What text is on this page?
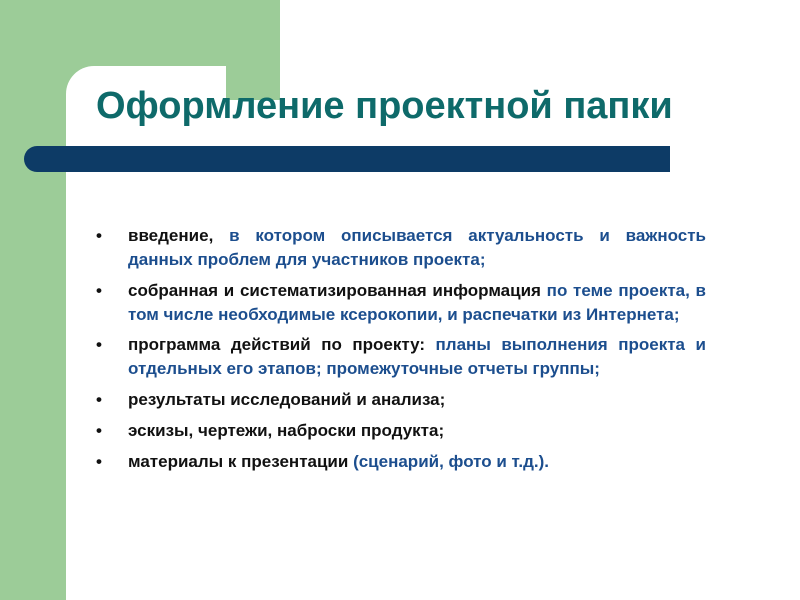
Оформление проектной папки
• введение, в котором описывается актуальность и важность данных проблем для участников проекта;
• собранная и систематизированная информация по теме проекта, в том числе необходимые ксерокопии, и распечатки из Интернета;
• программа действий по проекту: планы выполнения проекта и отдельных его этапов; промежуточные отчеты группы;
• результаты исследований и анализа;
• эскизы, чертежи, наброски продукта;
• материалы к презентации (сценарий, фото и т.д.).
